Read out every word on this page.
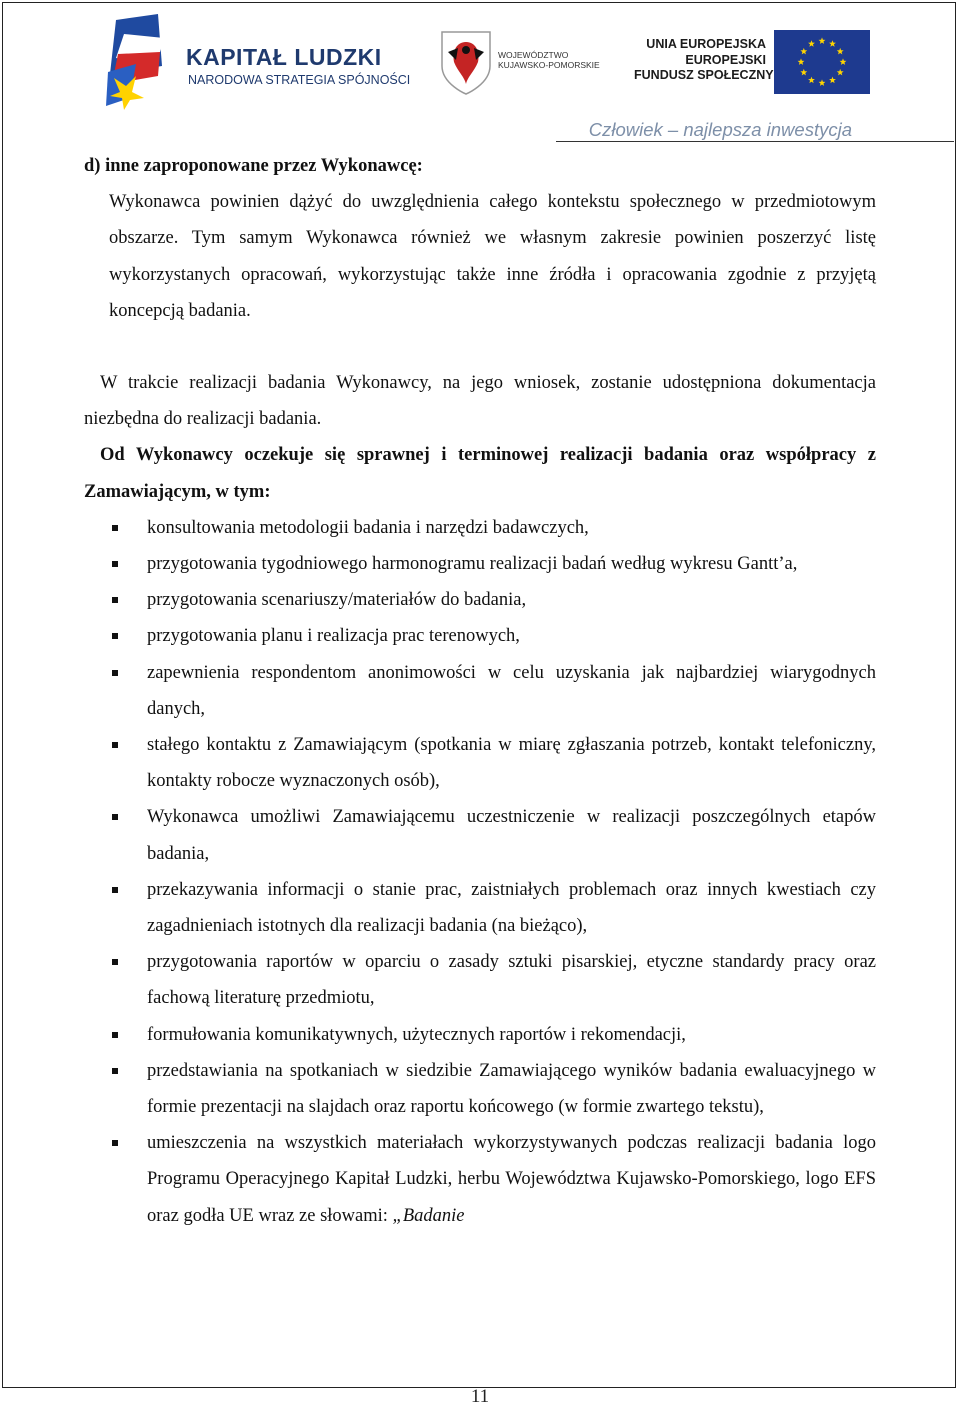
KAPITAŁ LUDZKI
NARODOWA STRATEGIA SPÓJNOŚCI
WOJEWÓDZTWO
KUJAWSKO-POMORSKIE
UNIA EUROPEJSKA
EUROPEJSKI
FUNDUSZ SPOŁECZNY
Człowiek – najlepsza inwestycja

d) inne zaproponowane przez Wykonawcę:

Wykonawca powinien dążyć do uwzględnienia całego kontekstu społecznego w przedmiotowym obszarze. Tym samym Wykonawca również we własnym zakresie powinien poszerzyć listę wykorzystanych opracowań, wykorzystując także inne źródła i opracowania zgodnie z przyjętą koncepcją badania.

W trakcie realizacji badania Wykonawcy, na jego wniosek, zostanie udostępniona dokumentacja niezbędna do realizacji badania.

Od Wykonawcy oczekuje się sprawnej i terminowej realizacji badania oraz współpracy z Zamawiającym, w tym:

konsultowania metodologii badania i narzędzi badawczych,
przygotowania tygodniowego harmonogramu realizacji badań według wykresu Gantt’a,
przygotowania scenariuszy/materiałów do badania,
przygotowania planu i realizacja prac terenowych,
zapewnienia respondentom anonimowości w celu uzyskania jak najbardziej wiarygodnych danych,
stałego kontaktu z Zamawiającym (spotkania w miarę zgłaszania potrzeb, kontakt telefoniczny, kontakty robocze wyznaczonych osób),
Wykonawca umożliwi Zamawiającemu uczestniczenie w realizacji poszczególnych etapów badania,
przekazywania informacji o stanie prac, zaistniałych problemach oraz innych kwestiach czy zagadnieniach istotnych dla realizacji badania (na bieżąco),
przygotowania raportów w oparciu o zasady sztuki pisarskiej, etyczne standardy pracy oraz fachową literaturę przedmiotu,
formułowania komunikatywnych, użytecznych raportów i rekomendacji,
przedstawiania na spotkaniach w siedzibie Zamawiającego wyników badania ewaluacyjnego w formie prezentacji na slajdach oraz raportu końcowego (w formie zwartego tekstu),
umieszczenia na wszystkich materiałach wykorzystywanych podczas realizacji badania logo Programu Operacyjnego Kapitał Ludzki, herbu Województwa Kujawsko-Pomorskiego, logo EFS oraz godła UE wraz ze słowami: „Badanie
11
